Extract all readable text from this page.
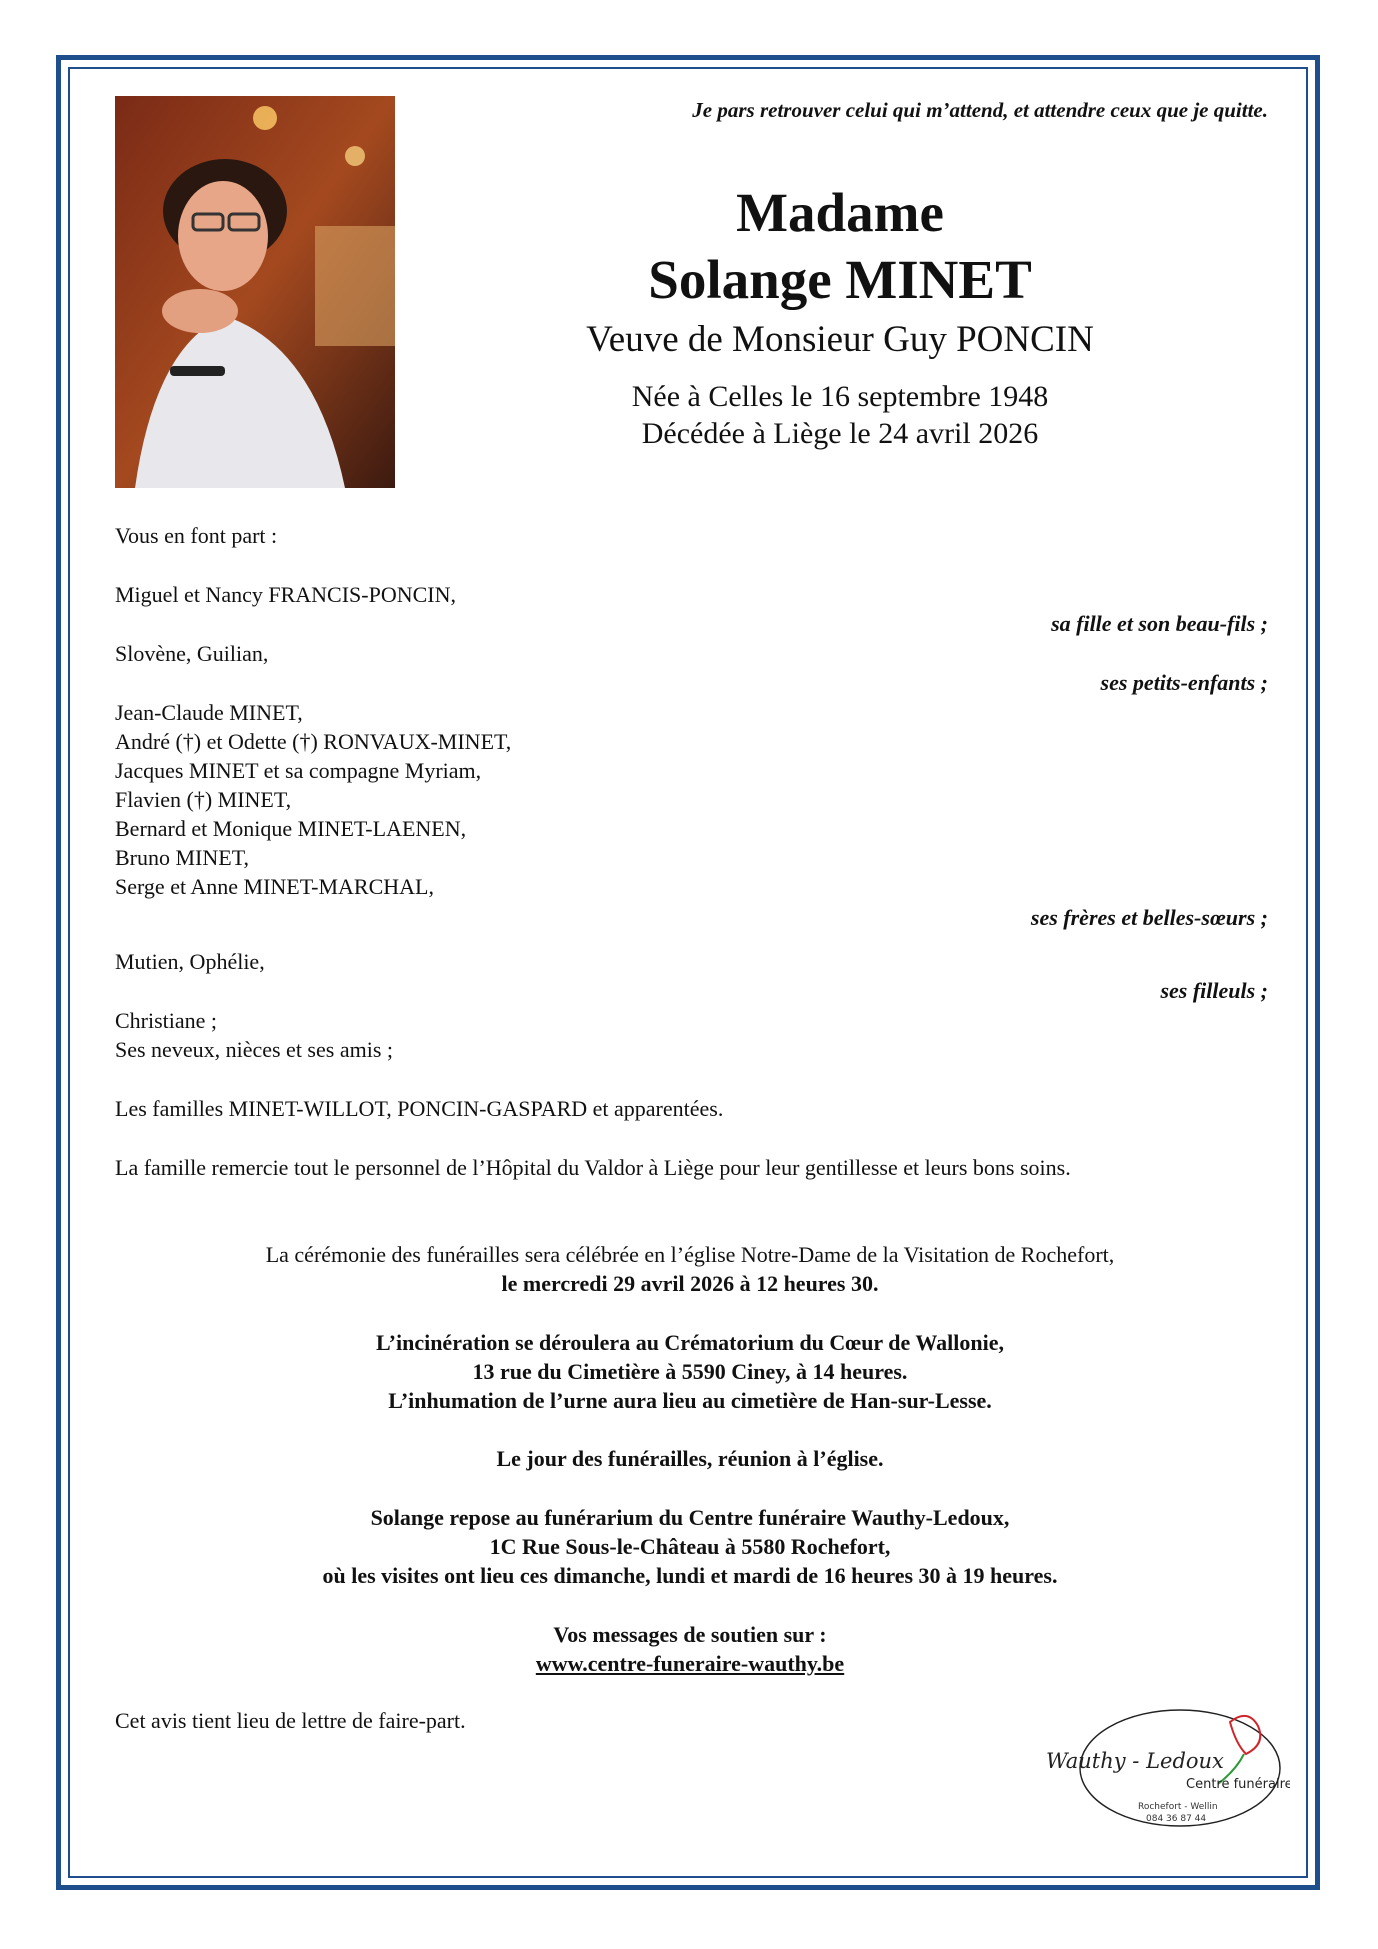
Je pars retrouver celui qui m’attend, et attendre ceux que je quitte.
Madame
Solange MINET
Veuve de Monsieur Guy PONCIN
Née à Celles le 16 septembre 1948
Décédée à Liège le 24 avril 2026
Vous en font part :
Miguel et Nancy FRANCIS-PONCIN,
sa fille et son beau-fils ;
Slovène, Guilian,
ses petits-enfants ;
Jean-Claude MINET,
André (†) et Odette (†) RONVAUX-MINET,
Jacques MINET et sa compagne Myriam,
Flavien (†) MINET,
Bernard et Monique MINET-LAENEN,
Bruno MINET,
Serge et Anne MINET-MARCHAL,
ses frères et belles-sœurs ;
Mutien, Ophélie,
ses filleuls ;
Christiane ;
Ses neveux, nièces et ses amis ;
Les familles MINET-WILLOT, PONCIN-GASPARD et apparentées.
La famille remercie tout le personnel de l’Hôpital du Valdor à Liège pour leur gentillesse et leurs bons soins.
La cérémonie des funérailles sera célébrée en l’église Notre-Dame de la Visitation de Rochefort,
le mercredi 29 avril 2026 à 12 heures 30.
L’incinération se déroulera au Crématorium du Cœur de Wallonie,
13 rue du Cimetière à 5590 Ciney, à 14 heures.
L’inhumation de l’urne aura lieu au cimetière de Han-sur-Lesse.
Le jour des funérailles, réunion à l’église.
Solange repose au funérarium du Centre funéraire Wauthy-Ledoux,
1C Rue Sous-le-Château à 5580 Rochefort,
où les visites ont lieu ces dimanche, lundi et mardi de 16 heures 30 à 19 heures.
Vos messages de soutien sur :
www.centre-funeraire-wauthy.be
Cet avis tient lieu de lettre de faire-part.
Wauthy - Ledoux
Centre funéraire
Rochefort - Wellin
084 36 87 44
